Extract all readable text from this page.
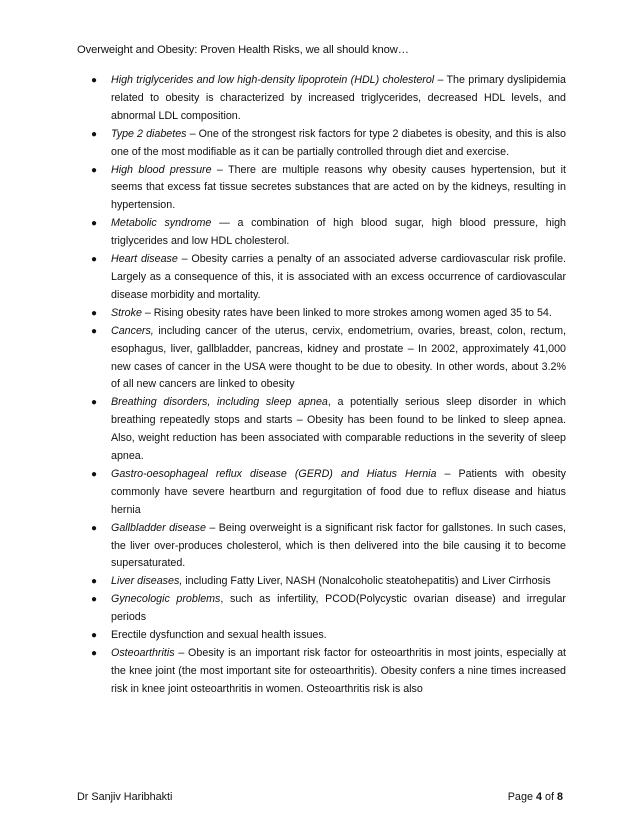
Overweight and Obesity: Proven Health Risks, we all should know…
● High triglycerides and low high-density lipoprotein (HDL) cholesterol – The primary dyslipidemia related to obesity is characterized by increased triglycerides, decreased HDL levels, and abnormal LDL composition.
● Type 2 diabetes – One of the strongest risk factors for type 2 diabetes is obesity, and this is also one of the most modifiable as it can be partially controlled through diet and exercise.
● High blood pressure – There are multiple reasons why obesity causes hypertension, but it seems that excess fat tissue secretes substances that are acted on by the kidneys, resulting in hypertension.
● Metabolic syndrome — a combination of high blood sugar, high blood pressure, high triglycerides and low HDL cholesterol.
● Heart disease – Obesity carries a penalty of an associated adverse cardiovascular risk profile. Largely as a consequence of this, it is associated with an excess occurrence of cardiovascular disease morbidity and mortality.
● Stroke – Rising obesity rates have been linked to more strokes among women aged 35 to 54.
● Cancers, including cancer of the uterus, cervix, endometrium, ovaries, breast, colon, rectum, esophagus, liver, gallbladder, pancreas, kidney and prostate – In 2002, approximately 41,000 new cases of cancer in the USA were thought to be due to obesity. In other words, about 3.2% of all new cancers are linked to obesity
● Breathing disorders, including sleep apnea, a potentially serious sleep disorder in which breathing repeatedly stops and starts – Obesity has been found to be linked to sleep apnea. Also, weight reduction has been associated with comparable reductions in the severity of sleep apnea.
● Gastro-oesophageal reflux disease (GERD) and Hiatus Hernia – Patients with obesity commonly have severe heartburn and regurgitation of food due to reflux disease and hiatus hernia
● Gallbladder disease – Being overweight is a significant risk factor for gallstones. In such cases, the liver over-produces cholesterol, which is then delivered into the bile causing it to become supersaturated.
● Liver diseases, including Fatty Liver, NASH (Nonalcoholic steatohepatitis) and Liver Cirrhosis
● Gynecologic problems, such as infertility, PCOD(Polycystic ovarian disease) and irregular periods
● Erectile dysfunction and sexual health issues.
● Osteoarthritis – Obesity is an important risk factor for osteoarthritis in most joints, especially at the knee joint (the most important site for osteoarthritis). Obesity confers a nine times increased risk in knee joint osteoarthritis in women. Osteoarthritis risk is also
Dr Sanjiv Haribhakti	Page 4 of 8
